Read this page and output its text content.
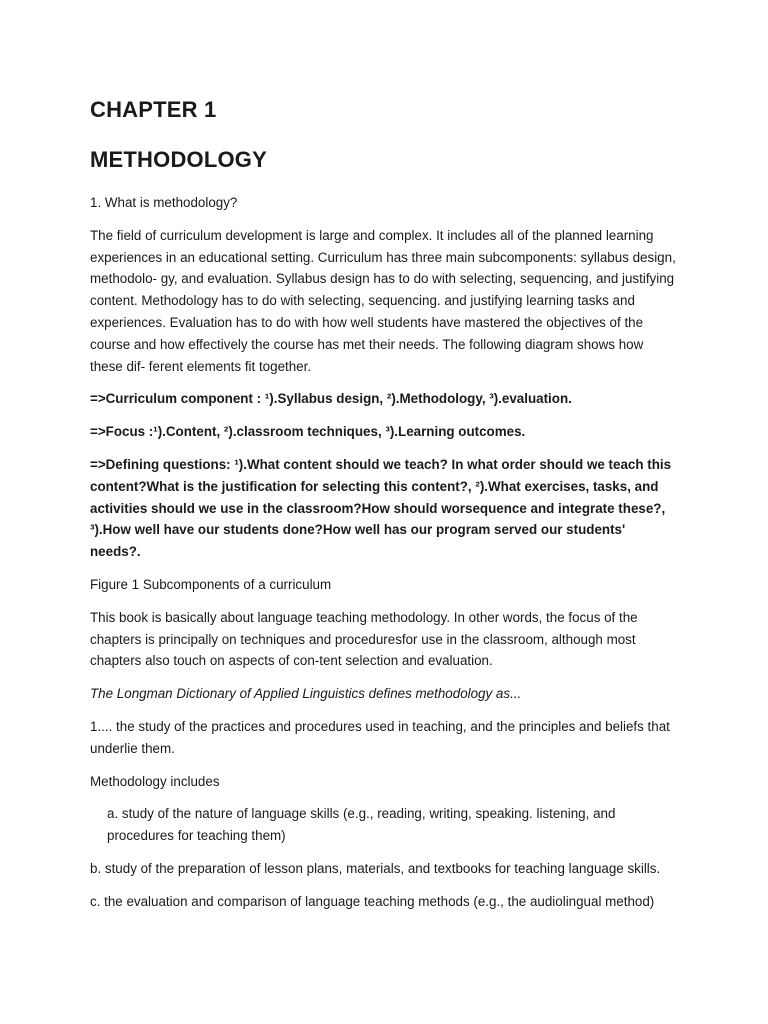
CHAPTER 1
METHODOLOGY

1. What is methodology?

The field of curriculum development is large and complex. It includes all of the planned learning experiences in an educational setting. Curriculum has three main subcomponents: syllabus design, methodolo- gy, and evaluation. Syllabus design has to do with selecting, sequencing, and justifying content. Methodology has to do with selecting, sequencing. and justifying learning tasks and experiences. Evaluation has to do with how well students have mastered the objectives of the course and how effectively the course has met their needs. The following diagram shows how these dif- ferent elements fit together.

=>Curriculum component : ¹).Syllabus design, ²).Methodology, ³).evaluation.

=>Focus :¹).Content, ²).classroom techniques, ³).Learning outcomes.

=>Defining questions: ¹).What content should we teach? In what order should we teach this content?What is the justification for selecting this content?, ²).What exercises, tasks, and activities should we use in the classroom?How should worsequence and integrate these?, ³).How well have our students done?How well has our program served our students' needs?.

Figure 1 Subcomponents of a curriculum

This book is basically about language teaching methodology. In other words, the focus of the chapters is principally on techniques and proceduresfor use in the classroom, although most chapters also touch on aspects of con-tent selection and evaluation.

The Longman Dictionary of Applied Linguistics defines methodology as...

1.... the study of the practices and procedures used in teaching, and the principles and beliefs that underlie them.

Methodology includes

a. study of the nature of language skills (e.g., reading, writing, speaking. listening, and procedures for teaching them)

b. study of the preparation of lesson plans, materials, and textbooks for teaching language skills.

c. the evaluation and comparison of language teaching methods (e.g., the audiolingual method)
